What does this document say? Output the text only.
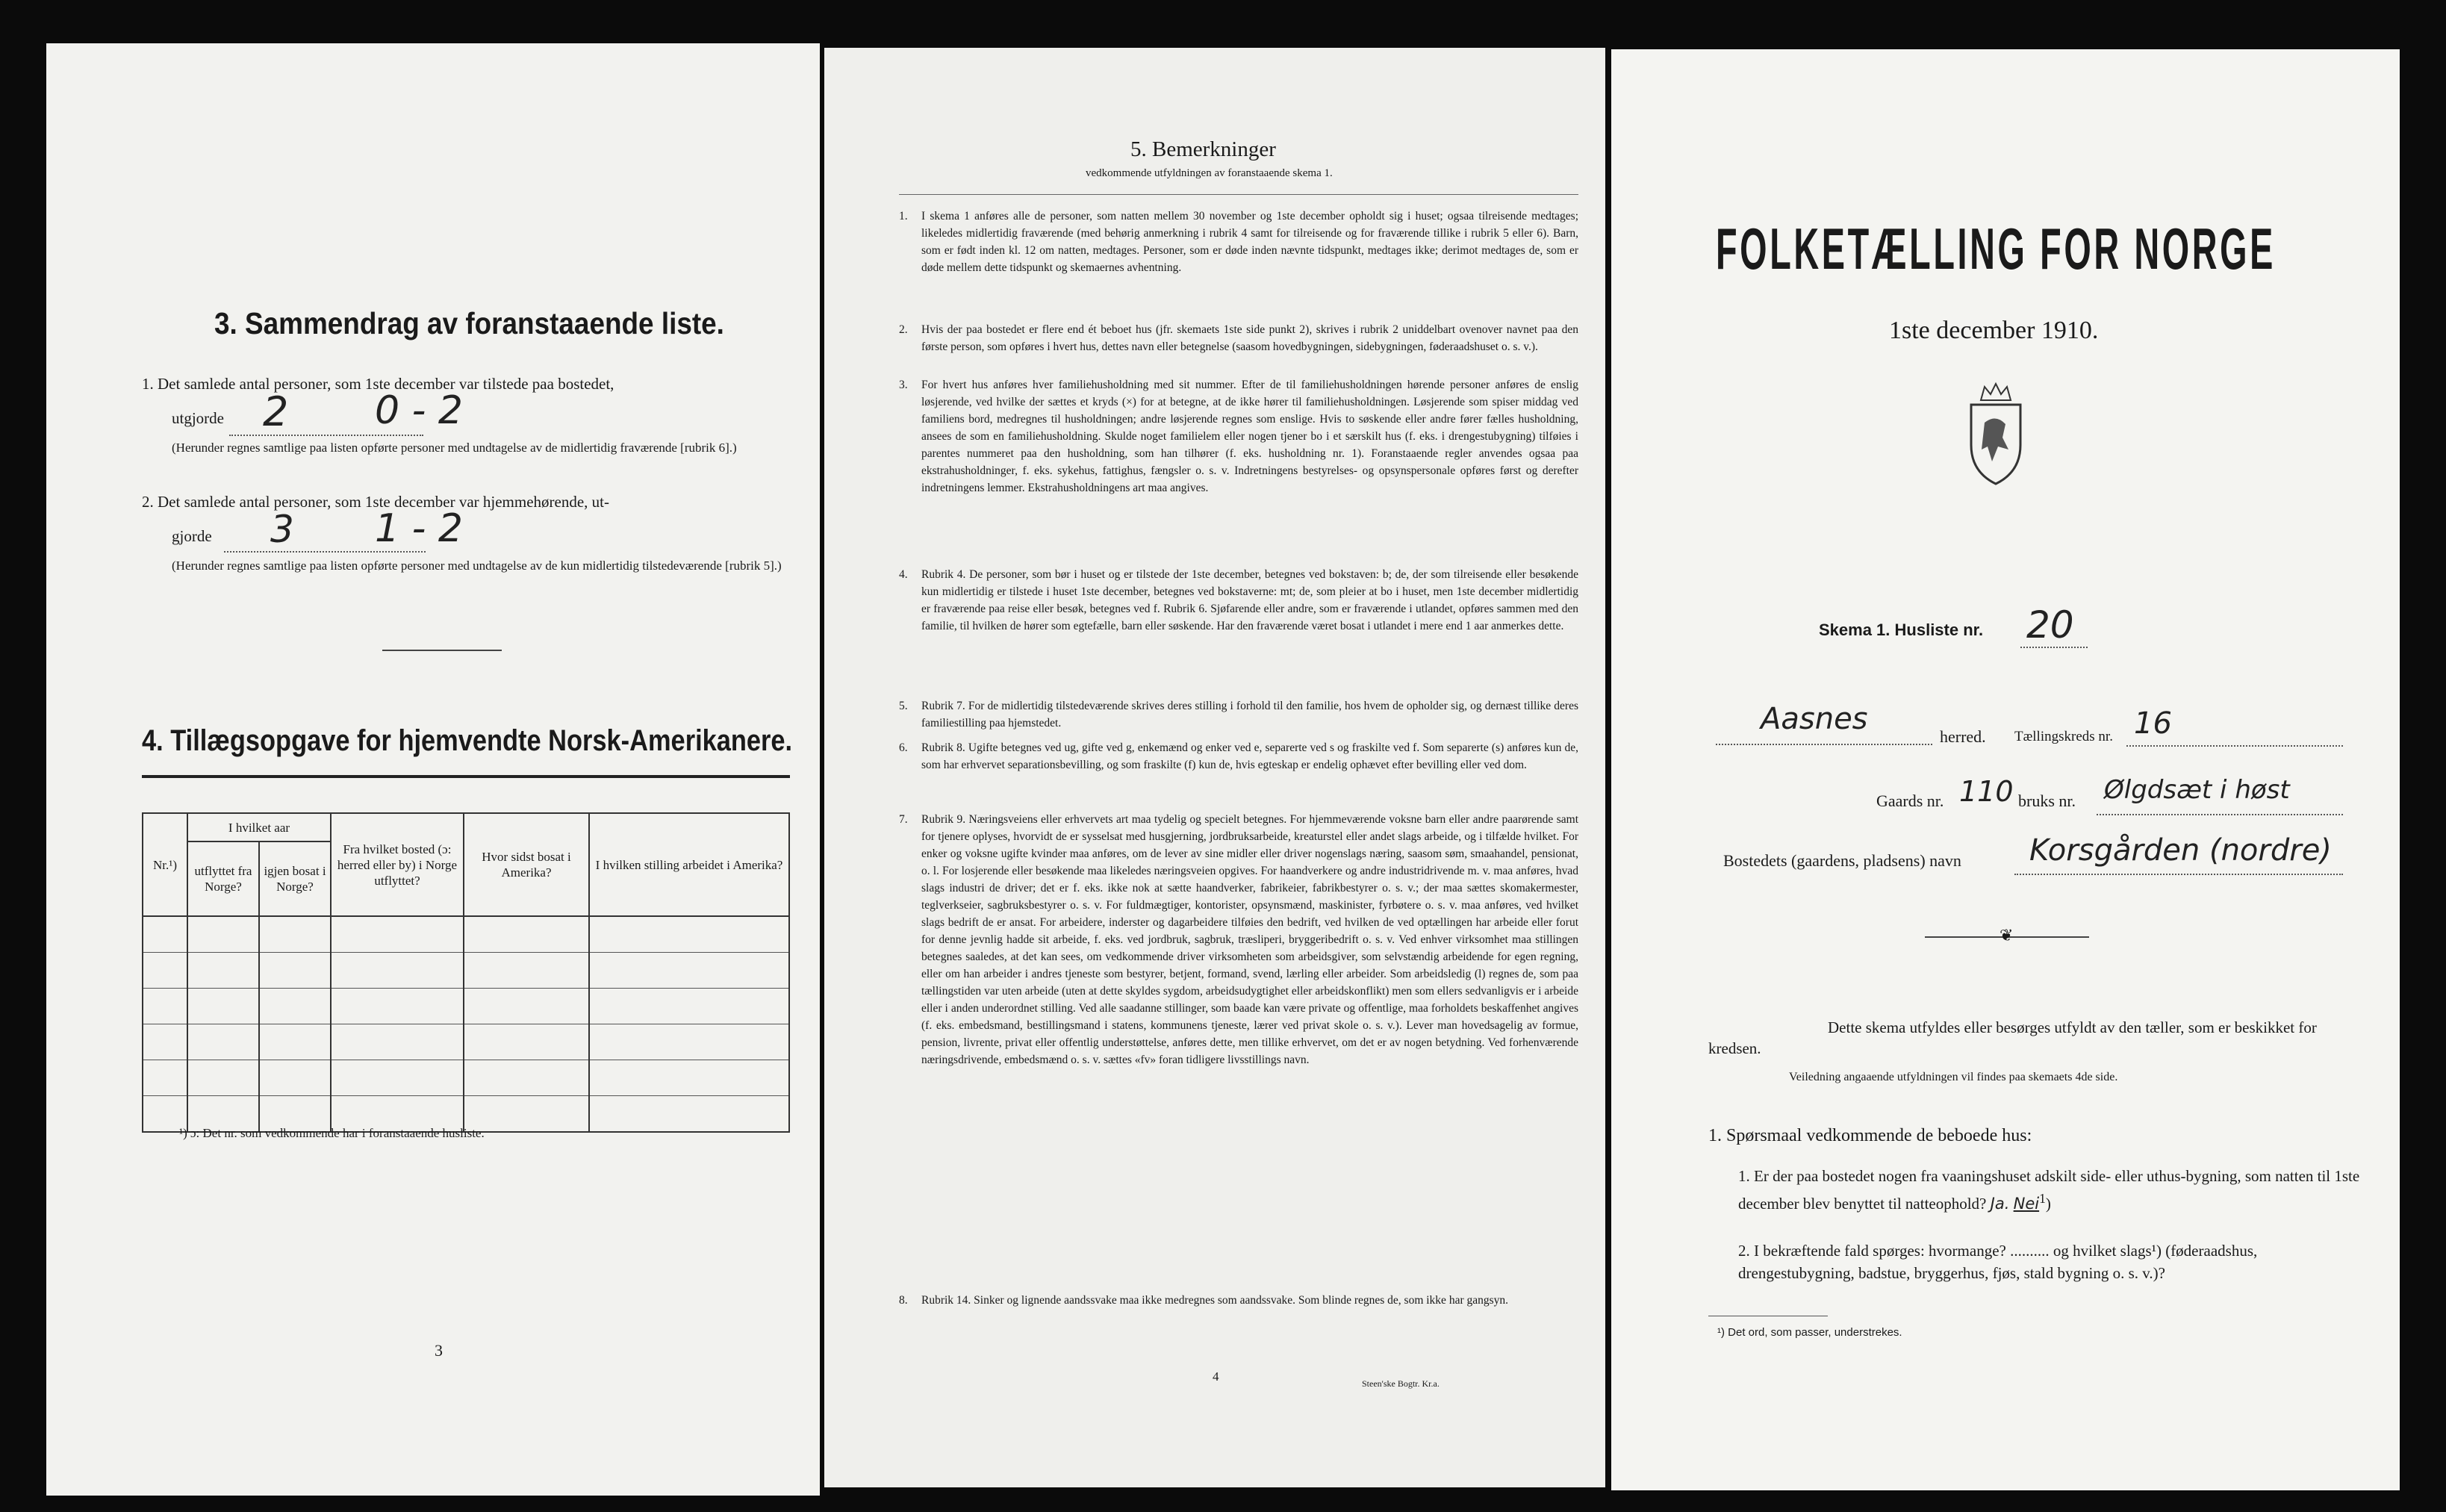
3. Sammendrag av foranstaaende liste.
1. Det samlede antal personer, som 1ste december var tilstede paa bostedet,
utgjorde 2 0 - 2
(Herunder regnes samtlige paa listen opførte personer med undtagelse av de midlertidig fraværende [rubrik 6].)
2. Det samlede antal personer, som 1ste december var hjemmehørende, ut-
gjorde 3 1 - 2
(Herunder regnes samtlige paa listen opførte personer med undtagelse av de kun midlertidig tilstedeværende [rubrik 5].)
4. Tillægsopgave for hjemvendte Norsk-Amerikanere.
Nr.¹)	I hvilket aar		Fra hvilket bosted (ɔ: herred eller by) i Norge utflyttet?	Hvor sidst bosat i Amerika?	I hvilken stilling arbeidet i Amerika?
	utflyttet fra Norge?	igjen bosat i Norge?			

¹) ɔ: Det nr. som vedkommende har i foranstaaende husliste.
3
5. Bemerkninger
vedkommende utfyldningen av foranstaaende skema 1.
1. I skema 1 anføres alle de personer, som natten mellem 30 november og 1ste december opholdt sig i huset; ogsaa tilreisende medtages; likeledes midlertidig fraværende (med behørig anmerkning i rubrik 4 samt for tilreisende og for fraværende tillike i rubrik 5 eller 6). Barn, som er født inden kl. 12 om natten, medtages. Personer, som er døde inden nævnte tidspunkt, medtages ikke; derimot medtages de, som er døde mellem dette tidspunkt og skemaernes avhentning.
2. Hvis der paa bostedet er flere end ét beboet hus (jfr. skemaets 1ste side punkt 2), skrives i rubrik 2 uniddelbart ovenover navnet paa den første person, som opføres i hvert hus, dettes navn eller betegnelse (saasom hovedbygningen, sidebygningen, føderaadshuset o. s. v.).
3. For hvert hus anføres hver familiehusholdning med sit nummer. Efter de til familiehusholdningen hørende personer anføres de enslig løsjerende, ved hvilke der sættes et kryds (×) for at betegne, at de ikke hører til familiehusholdningen. Løsjerende som spiser middag ved familiens bord, medregnes til husholdningen; andre løsjerende regnes som enslige. Hvis to søskende eller andre fører fælles husholdning, ansees de som en familiehusholdning. Skulde noget familielem eller nogen tjener bo i et særskilt hus (f. eks. i drengestubygning) tilføies i parentes nummeret paa den husholdning, som han tilhører (f. eks. husholdning nr. 1). Foranstaaende regler anvendes ogsaa paa ekstrahusholdninger, f. eks. sykehus, fattighus, fængsler o. s. v. Indretningens bestyrelses- og opsynspersonale opføres først og derefter indretningens lemmer. Ekstrahusholdningens art maa angives.
4. Rubrik 4. De personer, som bør i huset og er tilstede der 1ste december, betegnes ved bokstaven: b; de, der som tilreisende eller besøkende kun midlertidig er tilstede i huset 1ste december, betegnes ved bokstaverne: mt; de, som pleier at bo i huset, men 1ste december midlertidig er fraværende paa reise eller besøk, betegnes ved f. Rubrik 6. Sjøfarende eller andre, som er fraværende i utlandet, opføres sammen med den familie, til hvilken de hører som egtefælle, barn eller søskende. Har den fraværende været bosat i utlandet i mere end 1 aar anmerkes dette.
5. Rubrik 7. For de midlertidig tilstedeværende skrives deres stilling i forhold til den familie, hos hvem de opholder sig, og dernæst tillike deres familiestilling paa hjemstedet.
6. Rubrik 8. Ugifte betegnes ved ug, gifte ved g, enkemænd og enker ved e, separerte ved s og fraskilte ved f. Som separerte (s) anføres kun de, som har erhvervet separationsbevilling, og som fraskilte (f) kun de, hvis egteskap er endelig ophævet efter bevilling eller ved dom.
7. Rubrik 9. Næringsveiens eller erhvervets art maa tydelig og specielt betegnes. For hjemmeværende voksne barn eller andre paarørende samt for tjenere oplyses, hvorvidt de er sysselsat med husgjerning, jordbruksarbeide, kreaturstel eller andet slags arbeide, og i tilfælde hvilket. For enker og voksne ugifte kvinder maa anføres, om de lever av sine midler eller driver nogenslags næring, saasom søm, smaahandel, pensionat, o. l. For losjerende eller besøkende maa likeledes næringsveien opgives. For haandverkere og andre industridrivende m. v. maa anføres, hvad slags industri de driver; det er f. eks. ikke nok at sætte haandverker, fabrikeier, fabrikbestyrer o. s. v.; der maa sættes skomakermester, teglverkseier, sagbruksbestyrer o. s. v. For fuldmægtiger, kontorister, opsynsmænd, maskinister, fyrbøtere o. s. v. maa anføres, ved hvilket slags bedrift de er ansat. For arbeidere, inderster og dagarbeidere tilføies den bedrift, ved hvilken de ved optællingen har arbeide eller forut for denne jevnlig hadde sit arbeide, f. eks. ved jordbruk, sagbruk, træsliperi, bryggeribedrift o. s. v. Ved enhver virksomhet maa stillingen betegnes saaledes, at det kan sees, om vedkommende driver virksomheten som arbeidsgiver, som selvstændig arbeidende for egen regning, eller om han arbeider i andres tjeneste som bestyrer, betjent, formand, svend, lærling eller arbeider. Som arbeidsledig (l) regnes de, som paa tællingstiden var uten arbeide (uten at dette skyldes sygdom, arbeidsudygtighet eller arbeidskonflikt) men som ellers sedvanligvis er i arbeide eller i anden underordnet stilling. Ved alle saadanne stillinger, som baade kan være private og offentlige, maa forholdets beskaffenhet angives (f. eks. embedsmand, bestillingsmand i statens, kommunens tjeneste, lærer ved privat skole o. s. v.). Lever man hovedsagelig av formue, pension, livrente, privat eller offentlig understøttelse, anføres dette, men tillike erhvervet, om det er av nogen betydning. Ved forhenværende næringsdrivende, embedsmænd o. s. v. sættes «fv» foran tidligere livsstillings navn.
8. Rubrik 14. Sinker og lignende aandssvake maa ikke medregnes som aandssvake. Som blinde regnes de, som ikke har gangsyn.
4	Steen'ske Bogtr. Kr.a.
FOLKETÆLLING FOR NORGE
1ste december 1910.
Skema 1. Husliste nr. 20
Aasnes
herred. Tællingskreds nr. 16
Gaards nr. 110 bruks nr. Ølgdsæt i høst
Bostedets (gaardens, pladsens) navn Korsgården (nordre)
❦
Dette skema utfyldes eller besørges utfyldt av den tæller, som er beskikket for kredsen.
Veiledning angaaende utfyldningen vil findes paa skemaets 4de side.
1. Spørsmaal vedkommende de beboede hus:
1. Er der paa bostedet nogen fra vaaningshuset adskilt side- eller uthus-bygning, som natten til 1ste december blev benyttet til natteophold? Ja. Nei$^1$)
2. I bekræftende fald spørges: hvormange? .......... og hvilket slags¹) (føderaadshus, drengestubygning, badstue, bryggerhus, fjøs, stald bygning o. s. v.)?
¹) Det ord, som passer, understrekes.
